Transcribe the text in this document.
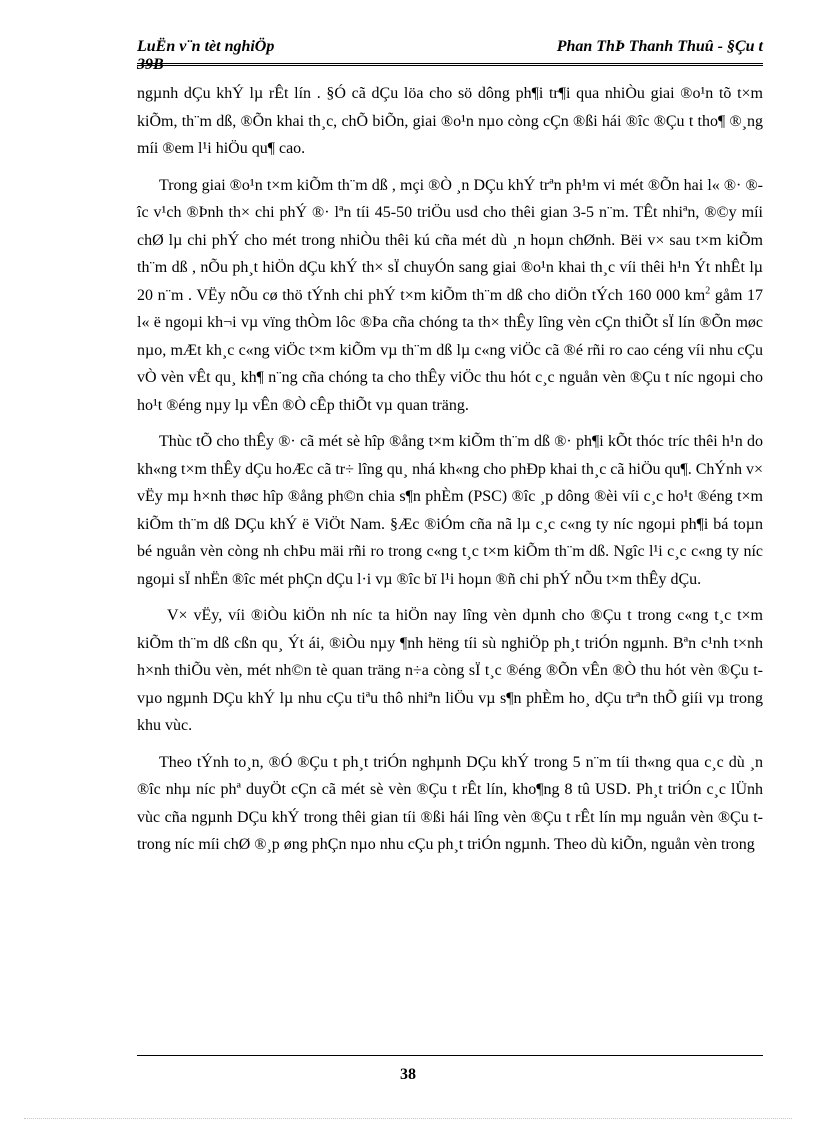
LuËn v¨n tèt nghiÖp	Phan ThÞ Thanh Thuû - §Çu t
39B

ngµnh dÇu khÝ lµ rÊt lín . §Ó cã dÇu löa cho sö dông ph¶i tr¶i qua nhiÒu giai ®o¹n tõ t×m kiÕm, th¨m dß, ®Õn khai th¸c, chÕ biÕn, giai ®o¹n nµo còng cÇn ®ßi hái ®îc ®Çu t tho¶ ®¸ng míi ®em l¹i hiÖu qu¶ cao.

Trong giai ®o¹n t×m kiÕm th¨m dß , mçi ®Ò ¸n DÇu khÝ trªn ph¹m vi mét ®Õn hai l« ®· ®îc v¹ch ®Þnh th× chi phÝ ®· lªn tíi 45-50 triÖu usd cho thêi gian 3-5 n¨m. TÊt nhiªn, ®©y míi chØ lµ chi phÝ cho mét trong nhiÒu thêi kú cña mét dù ¸n hoµn chØnh. Bëi v× sau t×m kiÕm th¨m dß , nÕu ph¸t hiÖn dÇu khÝ th× sÏ chuyÓn sang giai ®o¹n khai th¸c víi thêi h¹n Ýt nhÊt lµ 20 n¨m . VËy nÕu cø thö tÝnh chi phÝ t×m kiÕm th¨m dß cho diÖn tÝch 160 000 $km^2$ gåm 17 l« ë ngoµi kh¬i vµ vïng thÒm lôc ®Þa cña chóng ta th× thÊy lîng vèn cÇn thiÕt sÏ lín ®Õn møc nµo, mÆt kh¸c c«ng viÖc t×m kiÕm vµ th¨m dß lµ c«ng viÖc cã ®é rñi ro cao céng víi nhu cÇu vÒ vèn vÊt qu¸ kh¶ n¨ng cña chóng ta cho thÊy viÖc thu hót c¸c nguån vèn ®Çu t níc ngoµi cho ho¹t ®éng nµy lµ vÊn ®Ò cÊp thiÕt vµ quan träng.

Thùc tÕ cho thÊy ®· cã mét sè hîp ®ång t×m kiÕm th¨m dß ®· ph¶i kÕt thóc tríc thêi h¹n do kh«ng t×m thÊy dÇu hoÆc cã tr÷ lîng qu¸ nhá kh«ng cho phÐp khai th¸c cã hiÖu qu¶. ChÝnh v× vËy mµ h×nh thøc hîp ®ång ph©n chia s¶n phÈm (PSC) ®îc ¸p dông ®èi víi c¸c ho¹t ®éng t×m kiÕm th¨m dß DÇu khÝ ë ViÖt Nam. §Æc ®iÓm cña nã lµ c¸c c«ng ty níc ngoµi ph¶i bá toµn bé nguån vèn còng nh chÞu mäi rñi ro trong c«ng t¸c t×m kiÕm th¨m dß. Ngîc l¹i c¸c c«ng ty níc ngoµi sÏ nhËn ®îc mét phÇn dÇu l·i vµ ®îc bï l¹i hoµn ®ñ chi phÝ nÕu t×m thÊy dÇu.

V× vËy, víi ®iÒu kiÖn nh níc ta hiÖn nay lîng vèn dµnh cho ®Çu t trong c«ng t¸c t×m kiÕm th¨m dß cßn qu¸ Ýt ái, ®iÒu nµy ¶nh hëng tíi sù nghiÖp ph¸t triÓn ngµnh. Bªn c¹nh t×nh h×nh thiÕu vèn, mét nh©n tè quan träng n÷a còng sÏ t¸c ®éng ®Õn vÊn ®Ò thu hót vèn ®Çu t vµo ngµnh DÇu khÝ lµ nhu cÇu tiªu thô nhiªn liÖu vµ s¶n phÈm ho¸ dÇu trªn thÕ giíi vµ trong khu vùc.

Theo tÝnh to¸n, ®Ó ®Çu t ph¸t triÓn nghµnh DÇu khÝ trong 5 n¨m tíi th«ng qua c¸c dù ¸n ®îc nhµ níc phª duyÖt cÇn cã mét sè vèn ®Çu t rÊt lín, kho¶ng 8 tû USD. Ph¸t triÓn c¸c lÜnh vùc cña ngµnh DÇu khÝ trong thêi gian tíi ®ßi hái lîng vèn ®Çu t rÊt lín mµ nguån vèn ®Çu t trong níc míi chØ ®¸p øng phÇn nµo nhu cÇu ph¸t triÓn ngµnh. Theo dù kiÕn, nguån vèn trong

38
